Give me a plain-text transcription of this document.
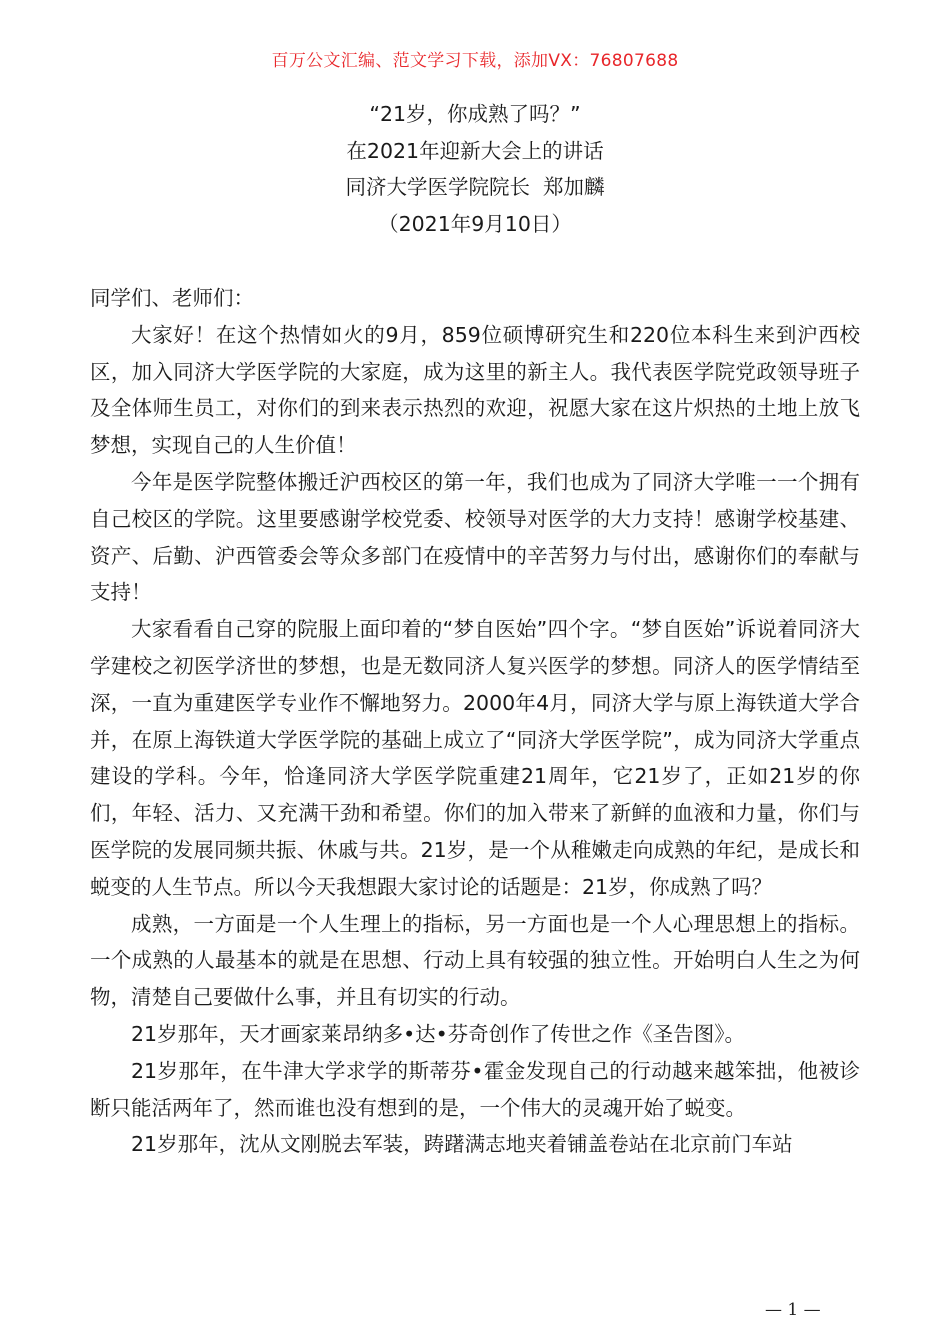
百万公文汇编、范文学习下载，添加VX：76807688
“21岁，你成熟了吗？”
在2021年迎新大会上的讲话
同济大学医学院院长  郑加麟
（2021年9月10日）

同学们、老师们：

大家好！在这个热情如火的9月，859位硕博研究生和220位本科生来到沪西校区，加入同济大学医学院的大家庭，成为这里的新主人。我代表医学院党政领导班子及全体师生员工，对你们的到来表示热烈的欢迎，祝愿大家在这片炽热的土地上放飞梦想，实现自己的人生价值！

今年是医学院整体搬迁沪西校区的第一年，我们也成为了同济大学唯一一个拥有自己校区的学院。这里要感谢学校党委、校领导对医学的大力支持！感谢学校基建、资产、后勤、沪西管委会等众多部门在疫情中的辛苦努力与付出，感谢你们的奉献与支持！

大家看看自己穿的院服上面印着的“梦自医始”四个字。“梦自医始”诉说着同济大学建校之初医学济世的梦想，也是无数同济人复兴医学的梦想。同济人的医学情结至深，一直为重建医学专业作不懈地努力。2000年4月，同济大学与原上海铁道大学合并，在原上海铁道大学医学院的基础上成立了“同济大学医学院”，成为同济大学重点建设的学科。今年，恰逢同济大学医学院重建21周年，它21岁了，正如21岁的你们，年轻、活力、又充满干劲和希望。你们的加入带来了新鲜的血液和力量，你们与医学院的发展同频共振、休戚与共。21岁，是一个从稚嫩走向成熟的年纪，是成长和蜕变的人生节点。所以今天我想跟大家讨论的话题是：21岁，你成熟了吗？

成熟，一方面是一个人生理上的指标，另一方面也是一个人心理思想上的指标。一个成熟的人最基本的就是在思想、行动上具有较强的独立性。开始明白人生之为何物，清楚自己要做什么事，并且有切实的行动。

21岁那年，天才画家莱昂纳多•达•芬奇创作了传世之作《圣告图》。

21岁那年，在牛津大学求学的斯蒂芬•霍金发现自己的行动越来越笨拙，他被诊断只能活两年了，然而谁也没有想到的是，一个伟大的灵魂开始了蜕变。

21岁那年，沈从文刚脱去军装，踌躇满志地夹着铺盖卷站在北京前门车站

— 1 —
